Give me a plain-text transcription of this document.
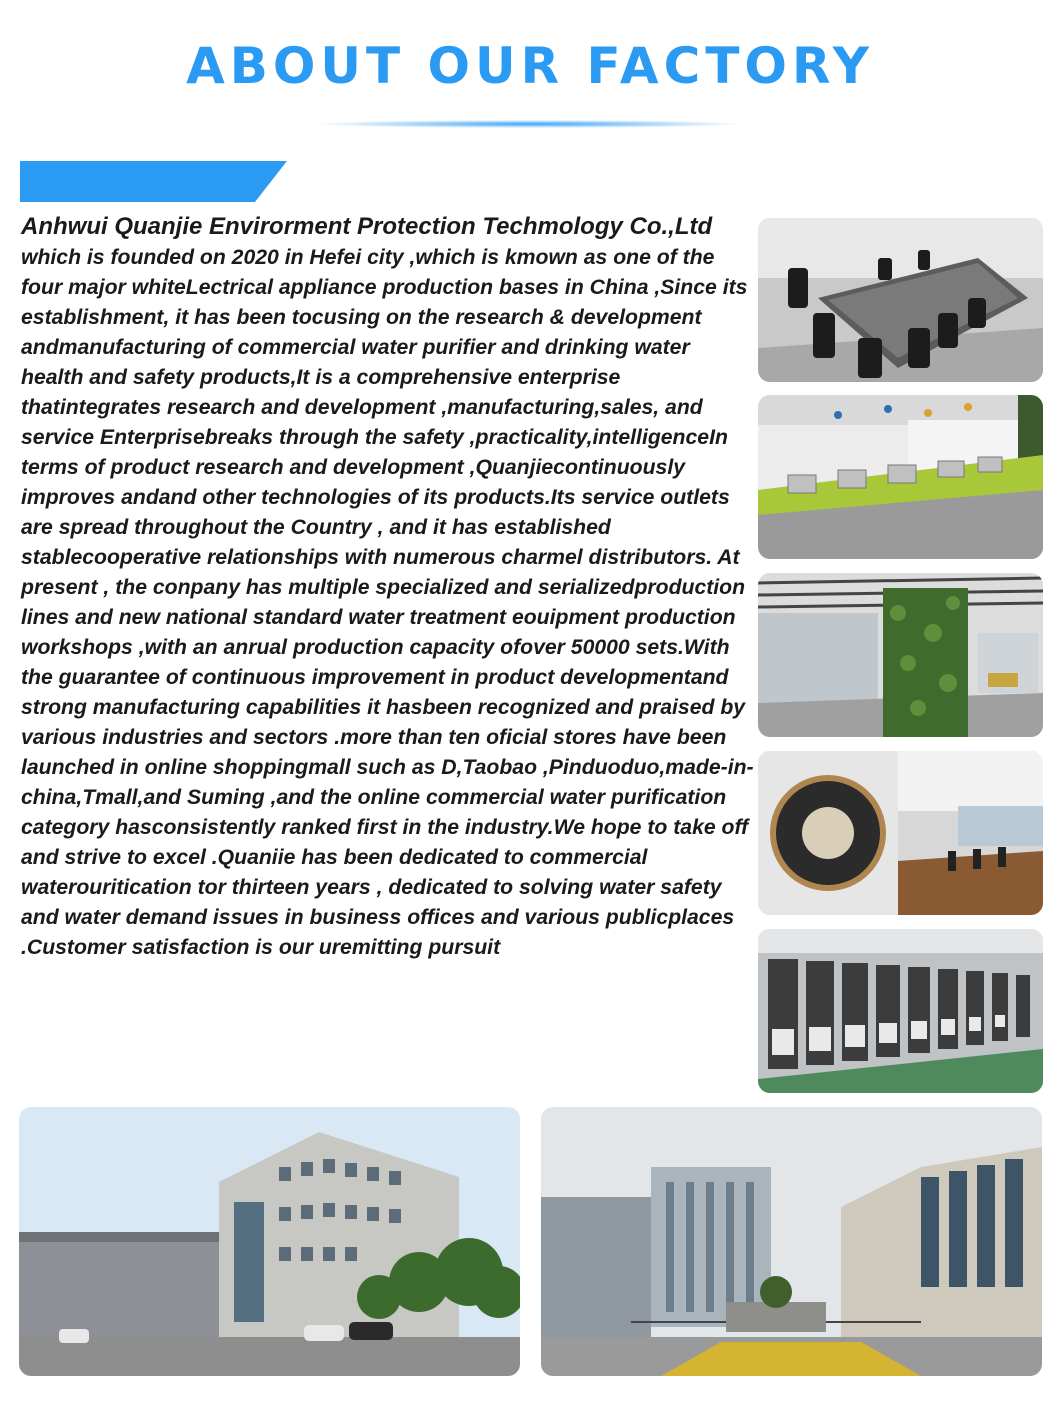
ABOUT OUR FACTORY

Anhwui Quanjie Envirorment Protection Techmology Co.,Ltd which is founded on 2020 in Hefei city ,which is kmown as one of the four major whiteLectrical appliance production bases in China ,Since its establishment, it has been tocusing on the research & development andmanufacturing of commercial water purifier and drinking water health and safety products,It is a comprehensive enterprise thatintegrates research and development ,manufacturing,sales, and service Enterprisebreaks through the safety ,practicality,intelligenceIn terms of product research and development ,Quanjiecontinuously improves andand other technologies of its products.Its service outlets are spread throughout the Country , and it has established stablecooperative relationships with numerous charmel distributors. At present , the conpany has multiple specialized and serializedproduction lines and new national standard water treatment eouipment production workshops ,with an anrual production capacity ofover 50000 sets.With the guarantee of continuous improvement in product developmentand strong manufacturing capabilities it hasbeen recognized and praised by various industries and sectors .more than ten oficial stores have been launched in online shoppingmall such as D,Taobao ,Pinduoduo,made-in-china,Tmall,and Suming ,and the online commercial water purification category hasconsistently ranked first in the industry.We hope to take off and strive to excel .Quaniie has been dedicated to commercial waterouritication tor thirteen years , dedicated to solving water safety and water demand issues in business offices and various publicplaces .Customer satisfaction is our uremitting pursuit
